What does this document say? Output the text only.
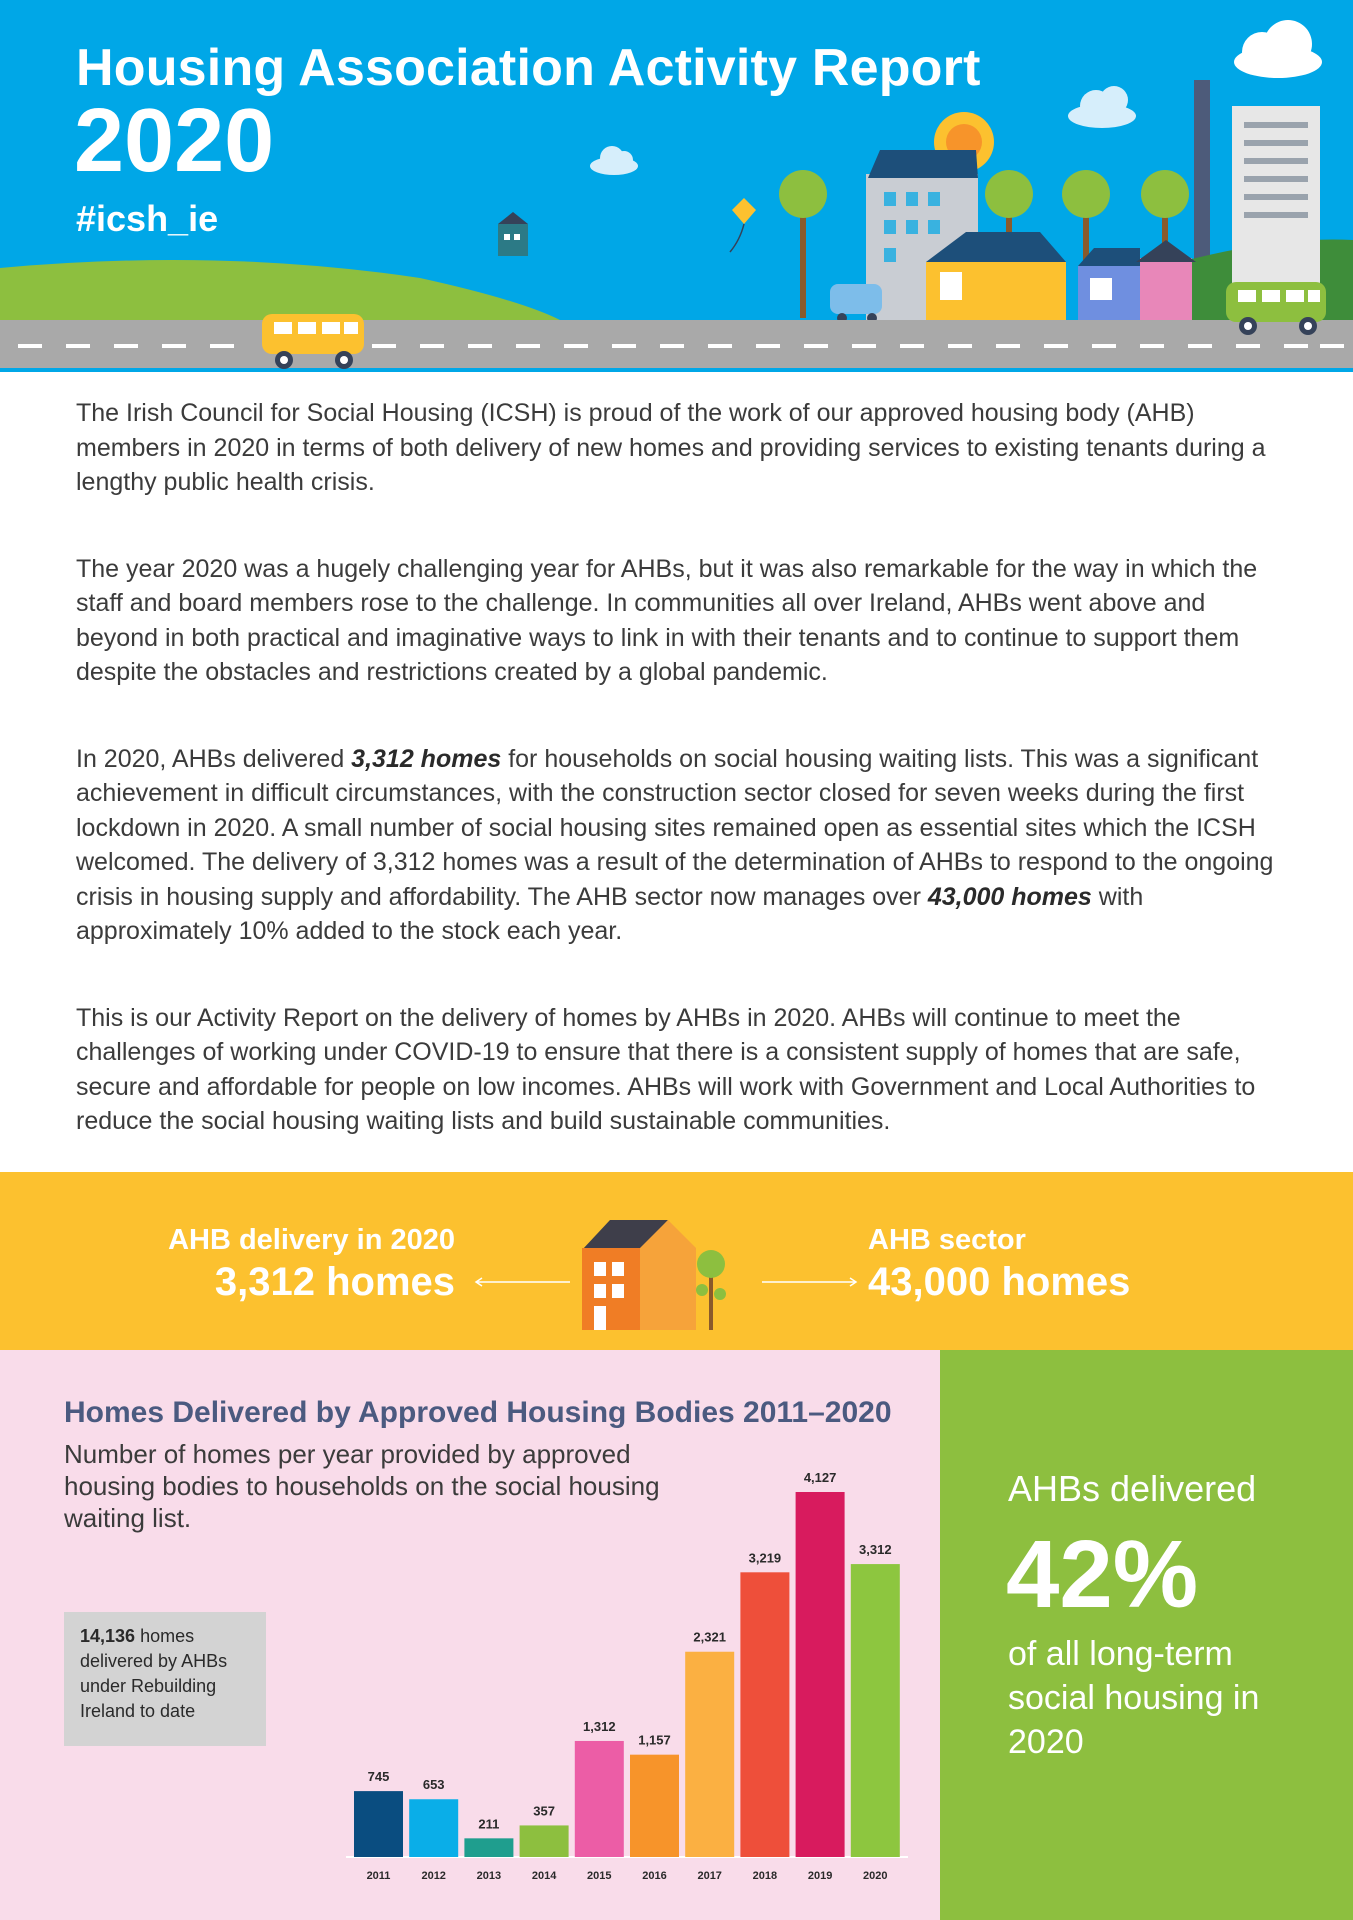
Housing Association Activity Report
2020
#icsh_ie

The Irish Council for Social Housing (ICSH) is proud of the work of our approved housing body (AHB) members in 2020 in terms of both delivery of new homes and providing services to existing tenants during a lengthy public health crisis.

The year 2020 was a hugely challenging year for AHBs, but it was also remarkable for the way in which the staff and board members rose to the challenge. In communities all over Ireland, AHBs went above and beyond in both practical and imaginative ways to link in with their tenants and to continue to support them despite the obstacles and restrictions created by a global pandemic.

In 2020, AHBs delivered 3,312 homes for households on social housing waiting lists. This was a significant achievement in difficult circumstances, with the construction sector closed for seven weeks during the first lockdown in 2020. A small number of social housing sites remained open as essential sites which the ICSH welcomed. The delivery of 3,312 homes was a result of the determination of AHBs to respond to the ongoing crisis in housing supply and affordability. The AHB sector now manages over 43,000 homes with approximately 10% added to the stock each year.

This is our Activity Report on the delivery of homes by AHBs in 2020. AHBs will continue to meet the challenges of working under COVID-19 to ensure that there is a consistent supply of homes that are safe, secure and affordable for people on low incomes. AHBs will work with Government and Local Authorities to reduce the social housing waiting lists and build sustainable communities.

AHB delivery in 2020
3,312 homes
AHB sector
43,000 homes
Homes Delivered by Approved Housing Bodies 2011–2020

Number of homes per year provided by approved housing bodies to households on the social housing waiting list.

14,136 homes delivered by AHBs under Rebuilding Ireland to date

745
2011
653
2012
211
2013
357
2014
1,312
2015
1,157
2016
2,321
2017
3,219
2018
4,127
2019
3,312
2020

AHBs delivered

42%

of all long-term social housing in 2020
